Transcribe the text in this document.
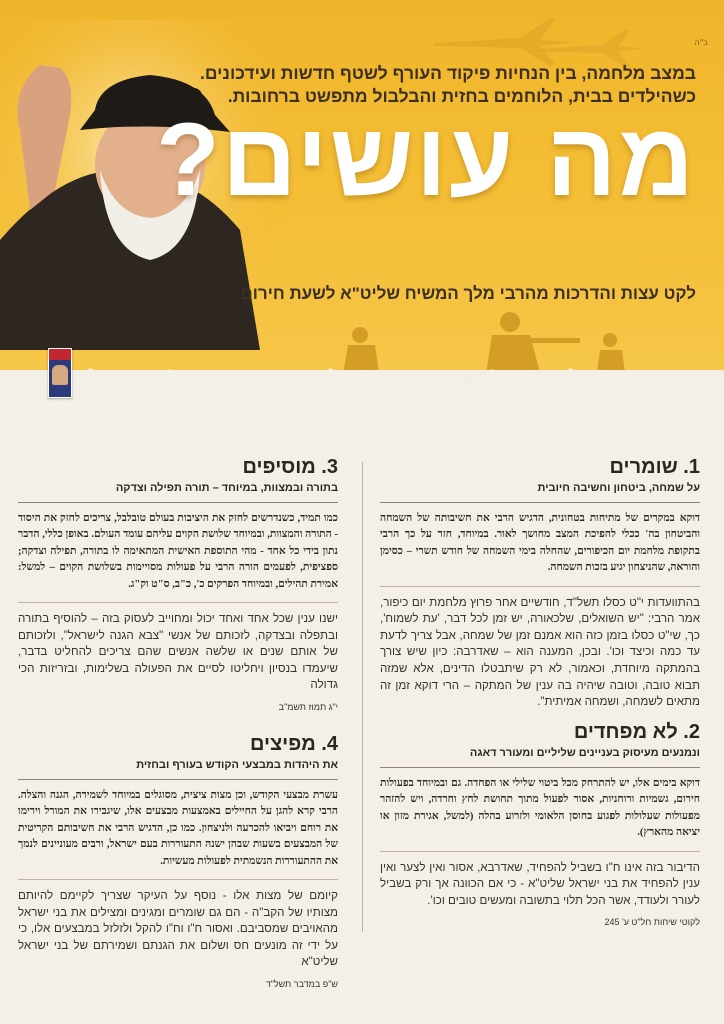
ב"ה
במצב מלחמה, בין הנחיות פיקוד העורף לשטף חדשות ועידכונים.
כשהילדים בבית, הלוחמים בחזית והבלבול מתפשט ברחובות.
מה עושים?
לקט עצות והדרכות מהרבי מלך המשיח שליט"א לשעת חירום
1. שומרים
על שמחה, ביטחון וחשיבה חיובית

דוקא במקרים של מתיחות בטחונית, הדגיש הרבי את חשיבותה של השמחה והביטחון בה' ככלי להפיכת המצב מחושך לאור. במיוחד, חזר על כך הרבי בתקופת מלחמת יום הכיפורים, שהחלה בימי השמחה של חודש תשרי – כסימן והוראה, שהניצחון יגיע בזכות השמחה.

בהתוועדות י"ט כסלו תשל"ד, חודשיים אחר פרוץ מלחמת יום כיפור, אמר הרבי: "יש השואלים, שלכאורה, יש זמן לכל דבר, 'עת לשמוח', כך, שי"ט כסלו בזמן כזה הוא אמנם זמן של שמחה, אבל צריך לדעת עד כמה וכיצד וכו'. ובכן, המענה הוא – שאדרבה: כיון שיש צורך בהמתקה מיוחדת, וכאמור, לא רק שיתבטלו הדינים, אלא שמזה תבוא טובה, וטובה שיהיה בה ענין של המתקה – הרי דוקא זמן זה מתאים לשמחה, ושמחה אמיתית".

2. לא מפחדים
ונמנעים מעיסוק בעניינים שליליים ומעורר דאגה

דוקא בימים אלו, יש להתרחק מכל ביטוי שלילי או הפחדה. גם ובמיוחד בפעולות חירום, גשמיות ורוחניות, אסור לפעול מתוך תחושת לחץ וחרדה, ויש להזהר מפעולות שעלולות לפגוע בחוסן הלאומי ולזרוע בהלה (למשל, אגירת מזון או יציאה מהארץ).

הדיבור בזה אינו ח"ו בשביל להפחיד, שאדרבא, אסור ואין לצער ואין ענין להפחיד את בני ישראל שליט"א - כי אם הכוונה אך ורק בשביל לעורר ולעודד, אשר הכל תלוי בתשובה ומעשים טובים וכו'.

לקוטי שיחות חל"ט ע' 245
3. מוסיפים
בתורה ובמצוות, במיוחד – תורה תפילה וצדקה

כמו תמיד, כשנדרשים לחזק את היציבות בעולם טובלבל, צריכים לחזק את היסוד - התורה והמצוות, ובמיוחד שלושת הקוים עליהם עומד העולם. באופן כללי, הדבר נתון בידי כל אחד - מהי התוספת האישית המתאימה לו בתורה, תפילה וצדקה; ספציפית, לפעמים הורה הרבי על פעולות מסויימות בשלושת הקוים – למשל: אמירת תהילים, ובמיוחד הפרקים כ', כ"ב, ס"ט וק"ג.

ישנו ענין שכל אחד ואחד יכול ומחוייב לעסוק בזה – להוסיף בתורה ובתפלה ובצדקה, לזכותם של אנשי "צבא הגנה לישראל", ולזכותם של אותם שנים או שלשה אנשים שהם צריכים להחליט בדבר, שיעמדו בנסיון ויחליטו לסיים את הפעולה בשלימות, ובזריזות הכי גדולה

י"ג תמוז תשמ"ב
4. מפיצים
את היהדות במבצעי הקודש בעורף ובחזית

עשרת מבצעי הקודש, וכן מצות ציצית, מסוגלים במיוחד לשמירה, הגנה והצלה. הרבי קרא להגן על החיילים באמצעות מבצעים אלו, שיגבירו את המורל וירימו את רוחם ויביאו להכרעה ולניצחון. כמו כן, הדגיש הרבי את חשיבותם הקריטית של המבצעים בשעות שבהן ישנה התעוררות בעם ישראל, ורבים מעוניינים לנמך את ההתעוררות הנשמתית לפעולות מעשיות.

קיומם של מצות אלו - נוסף על העיקר שצריך לקיימם להיותם מצותיו של הקב"ה - הם גם שומרים ומגינים ומצילים את בני ישראל מהאויבים שמסביבם. ואסור ח"ו וח"ו להקל ולזלזל במבצעים אלו, כי על ידי זה מונעים חס ושלום את הגנתם ושמירתם של בני ישראל שליט"א

ש"פ במדבר תשל"ד
